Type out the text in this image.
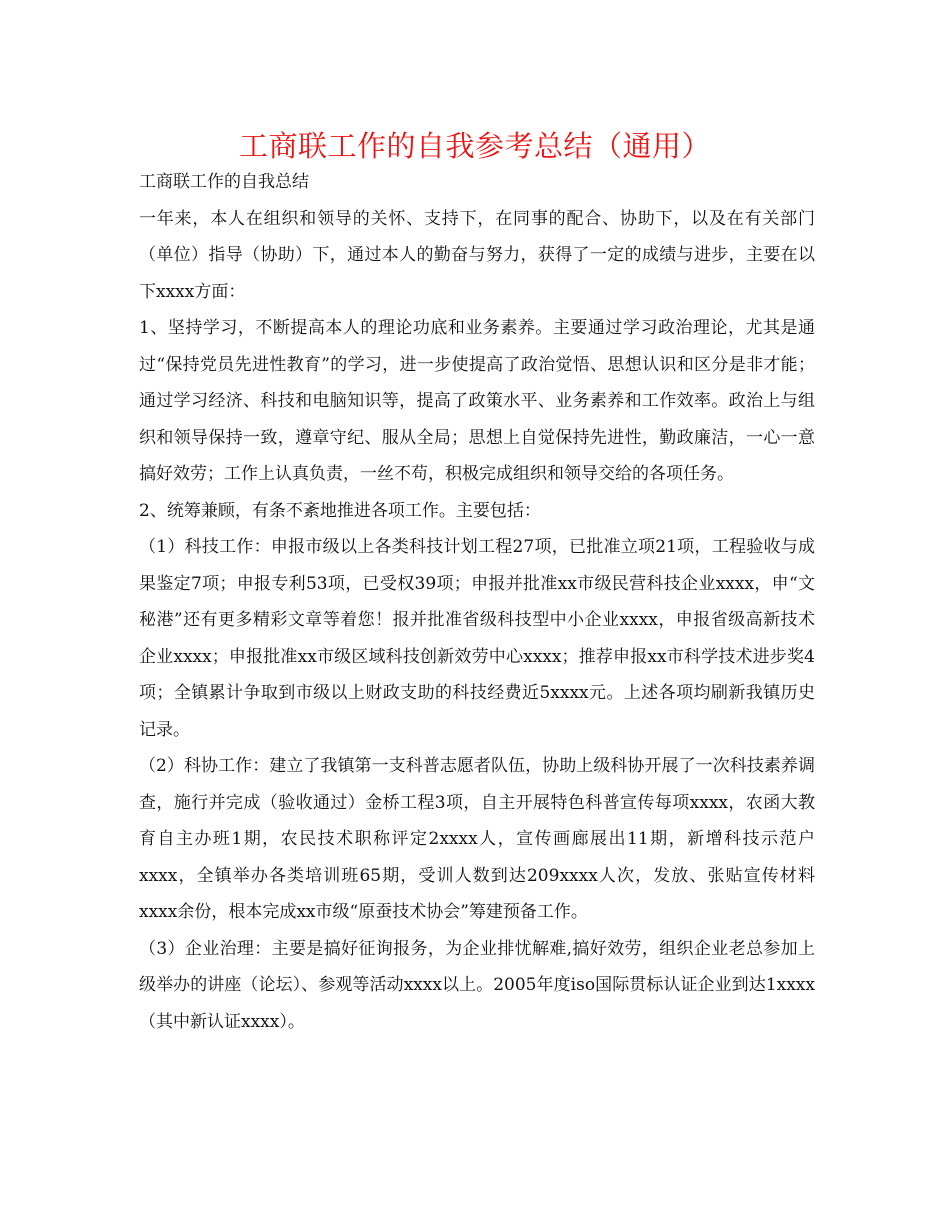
工商联工作的自我参考总结（通用）

工商联工作的自我总结

一年来，本人在组织和领导的关怀、支持下，在同事的配合、协助下，以及在有关部门（单位）指导（协助）下，通过本人的勤奋与努力，获得了一定的成绩与进步，主要在以下xxxx方面：

1、坚持学习，不断提高本人的理论功底和业务素养。主要通过学习政治理论，尤其是通过“保持党员先进性教育”的学习，进一步使提高了政治觉悟、思想认识和区分是非才能；通过学习经济、科技和电脑知识等，提高了政策水平、业务素养和工作效率。政治上与组织和领导保持一致，遵章守纪、服从全局；思想上自觉保持先进性，勤政廉洁，一心一意搞好效劳；工作上认真负责，一丝不苟，积极完成组织和领导交给的各项任务。

2、统筹兼顾，有条不紊地推进各项工作。主要包括：

（1）科技工作：申报市级以上各类科技计划工程27项，已批准立项21项，工程验收与成果鉴定7项；申报专利53项，已受权39项；申报并批准xx市级民营科技企业xxxx，申“文秘港”还有更多精彩文章等着您！报并批准省级科技型中小企业xxxx，申报省级高新技术企业xxxx；申报批准xx市级区域科技创新效劳中心xxxx；推荐申报xx市科学技术进步奖4项；全镇累计争取到市级以上财政支助的科技经费近5xxxx元。上述各项均刷新我镇历史记录。

（2）科协工作：建立了我镇第一支科普志愿者队伍，协助上级科协开展了一次科技素养调查，施行并完成（验收通过）金桥工程3项，自主开展特色科普宣传每项xxxx，农函大教育自主办班1期，农民技术职称评定2xxxx人，宣传画廊展出11期，新增科技示范户xxxx，全镇举办各类培训班65期，受训人数到达209xxxx人次，发放、张贴宣传材料xxxx余份，根本完成xx市级“原蚕技术协会”筹建预备工作。

（3）企业治理：主要是搞好征询报务，为企业排忧解难,搞好效劳，组织企业老总参加上级举办的讲座（论坛）、参观等活动xxxx以上。2005年度iso国际贯标认证企业到达1xxxx（其中新认证xxxx）。
